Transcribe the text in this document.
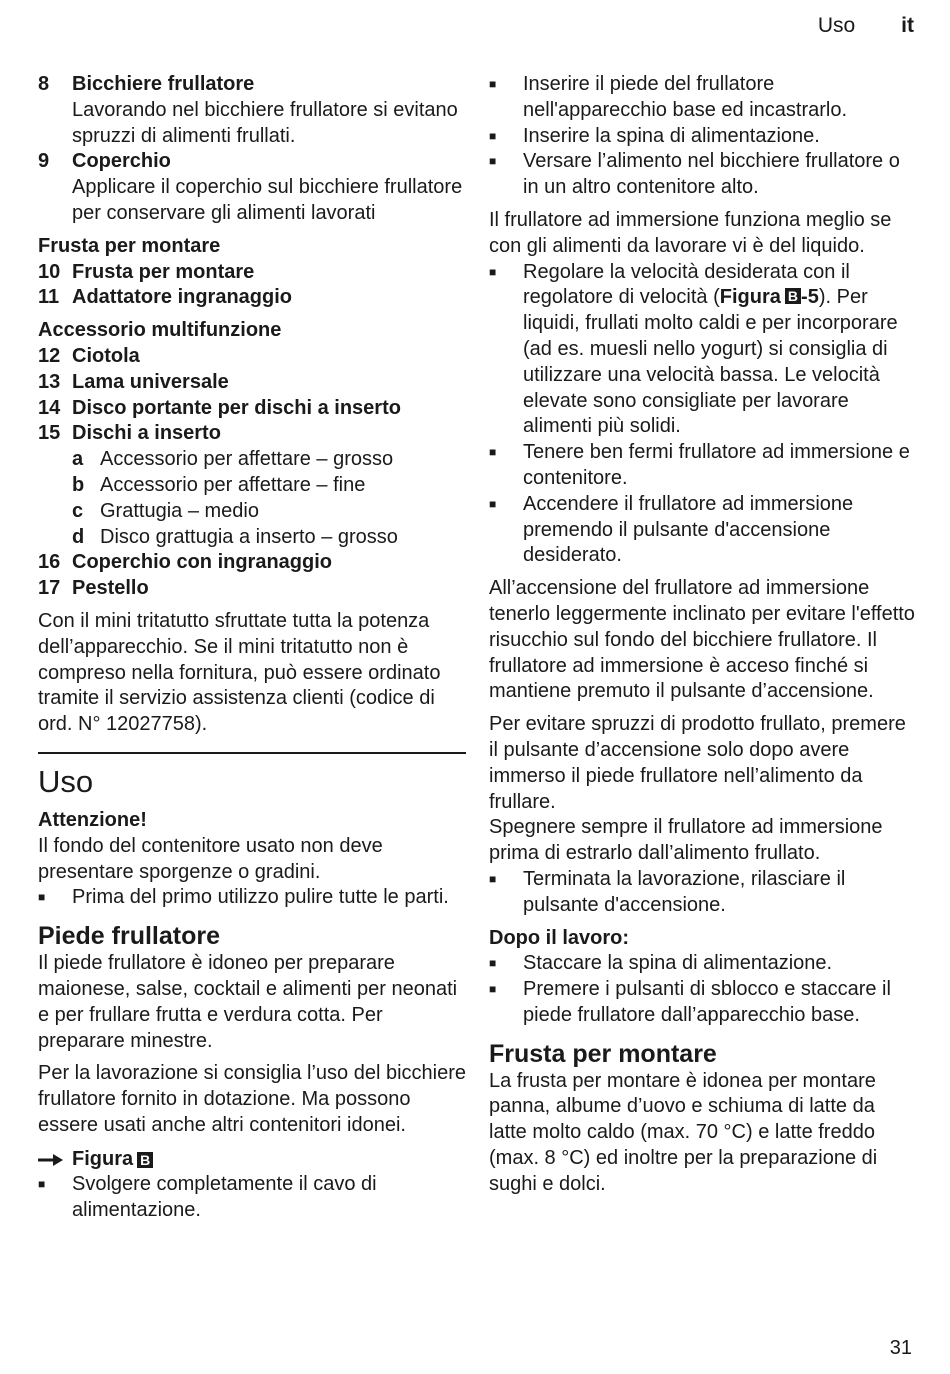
Uso it
8	Bicchiere frullatore
Lavorando nel bicchiere frullatore si evitano spruzzi di alimenti frullati.
9	Coperchio
Applicare il coperchio sul bicchiere frullatore per conservare gli alimenti lavorati
Frusta per montare
10 Frusta per montare
11 Adattatore ingranaggio
Accessorio multifunzione
12 Ciotola
13 Lama universale
14 Disco portante per dischi a inserto
15 Dischi a inserto
a Accessorio per affettare – grosso
b Accessorio per affettare – fine
c Grattugia – medio
d Disco grattugia a inserto – grosso
16 Coperchio con ingranaggio
17 Pestello

Con il mini tritatutto sfruttate tutta la potenza dell’apparecchio. Se il mini tritatutto non è compreso nella fornitura, può essere ordinato tramite il servizio assistenza clienti (codice di ord. N° 12027758).

Uso
Attenzione!
Il fondo del contenitore usato non deve presentare sporgenze o gradini.
■	Prima del primo utilizzo pulire tutte le parti.
Piede frullatore
Il piede frullatore è idoneo per preparare maionese, salse, cocktail e alimenti per neonati e per frullare frutta e verdura cotta. Per preparare minestre.

Per la lavorazione si consiglia l’uso del bicchiere frullatore fornito in dotazione. Ma possono essere usati anche altri contenitori idonei.

Figura B
■	Svolgere completamente il cavo di alimentazione.
■	Inserire il piede del frullatore nell'apparecchio base ed incastrarlo.
■	Inserire la spina di alimentazione.
■	Versare l’alimento nel bicchiere frullatore o in un altro contenitore alto.

Il frullatore ad immersione funziona meglio se con gli alimenti da lavorare vi è del liquido.

■	Regolare la velocità desiderata con il regolatore di velocità (Figura B -5). Per liquidi, frullati molto caldi e per incorporare (ad es. muesli nello yogurt) si consiglia di utilizzare una velocità bassa. Le velocità elevate sono consigliate per lavorare alimenti più solidi.
■	Tenere ben fermi frullatore ad immersione e contenitore.
■	Accendere il frullatore ad immersione premendo il pulsante d'accensione desiderato.

All’accensione del frullatore ad immersione tenerlo leggermente inclinato per evitare l'effetto risucchio sul fondo del bicchiere frullatore. Il frullatore ad immersione è acceso finché si mantiene premuto il pulsante d’accensione.

Per evitare spruzzi di prodotto frullato, premere il pulsante d’accensione solo dopo avere immerso il piede frullatore nell’alimento da frullare.

Spegnere sempre il frullatore ad immersione prima di estrarlo dall’alimento frullato.

■	Terminata la lavorazione, rilasciare il pulsante d'accensione.
Dopo il lavoro:
■	Staccare la spina di alimentazione.
■	Premere i pulsanti di sblocco e staccare il piede frullatore dall’apparecchio base.
Frusta per montare
La frusta per montare è idonea per montare panna, albume d’uovo e schiuma di latte da latte molto caldo (max. 70 °C) e latte freddo (max. 8 °C) ed inoltre per la preparazione di sughi e dolci.
31
